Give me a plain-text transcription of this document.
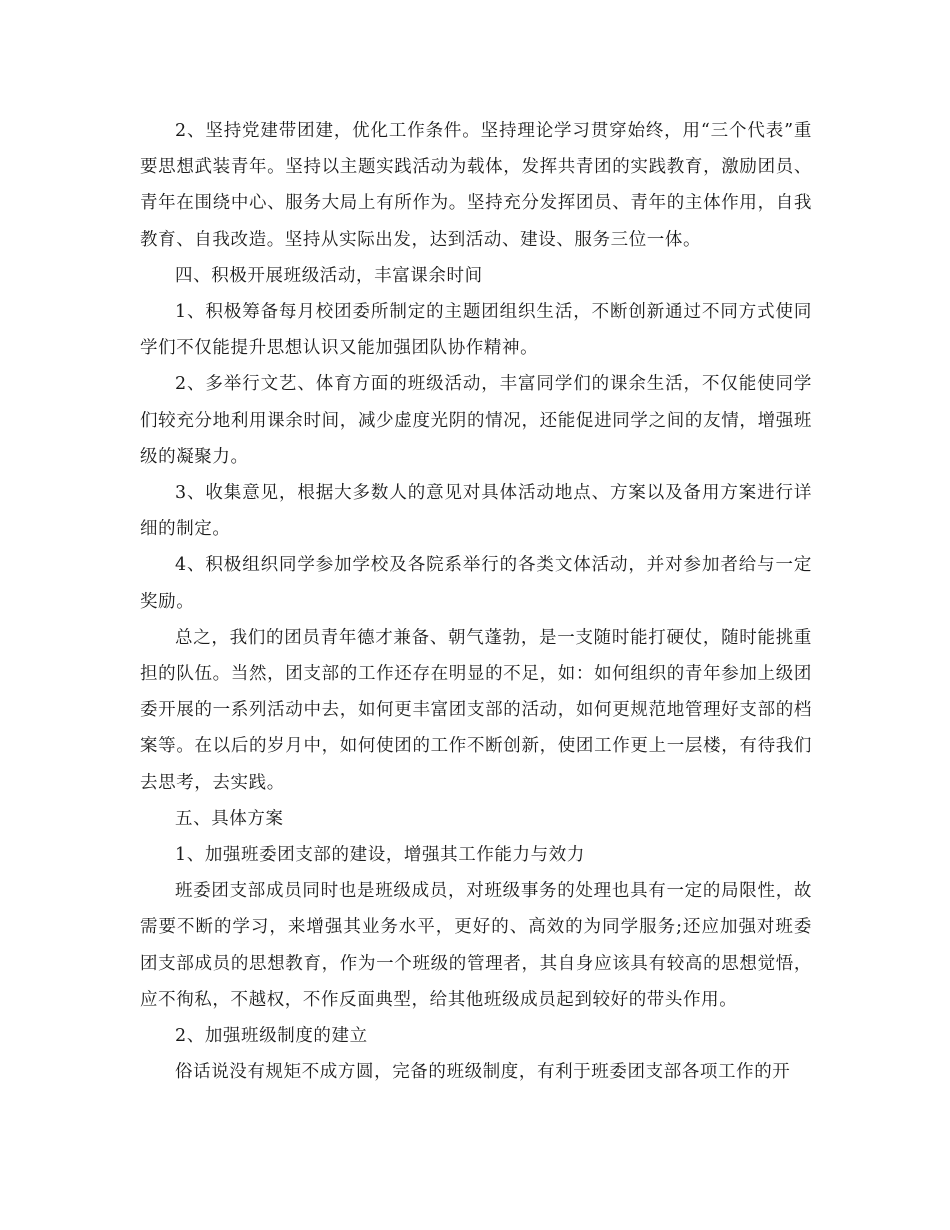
2、坚持党建带团建，优化工作条件。坚持理论学习贯穿始终，用“三个代表”重要思想武装青年。坚持以主题实践活动为载体，发挥共青团的实践教育，激励团员、青年在围绕中心、服务大局上有所作为。坚持充分发挥团员、青年的主体作用，自我教育、自我改造。坚持从实际出发，达到活动、建设、服务三位一体。

四、积极开展班级活动，丰富课余时间

1、积极筹备每月校团委所制定的主题团组织生活，不断创新通过不同方式使同学们不仅能提升思想认识又能加强团队协作精神。

2、多举行文艺、体育方面的班级活动，丰富同学们的课余生活，不仅能使同学们较充分地利用课余时间，减少虚度光阴的情况，还能促进同学之间的友情，增强班级的凝聚力。

3、收集意见，根据大多数人的意见对具体活动地点、方案以及备用方案进行详细的制定。

4、积极组织同学参加学校及各院系举行的各类文体活动，并对参加者给与一定奖励。

总之，我们的团员青年德才兼备、朝气蓬勃，是一支随时能打硬仗，随时能挑重担的队伍。当然，团支部的工作还存在明显的不足，如：如何组织的青年参加上级团委开展的一系列活动中去，如何更丰富团支部的活动，如何更规范地管理好支部的档案等。在以后的岁月中，如何使团的工作不断创新，使团工作更上一层楼，有待我们去思考，去实践。

五、具体方案

1、加强班委团支部的建设，增强其工作能力与效力

班委团支部成员同时也是班级成员，对班级事务的处理也具有一定的局限性，故需要不断的学习，来增强其业务水平，更好的、高效的为同学服务;还应加强对班委团支部成员的思想教育，作为一个班级的管理者，其自身应该具有较高的思想觉悟，应不徇私，不越权，不作反面典型，给其他班级成员起到较好的带头作用。

2、加强班级制度的建立

俗话说没有规矩不成方圆，完备的班级制度，有利于班委团支部各项工作的开
